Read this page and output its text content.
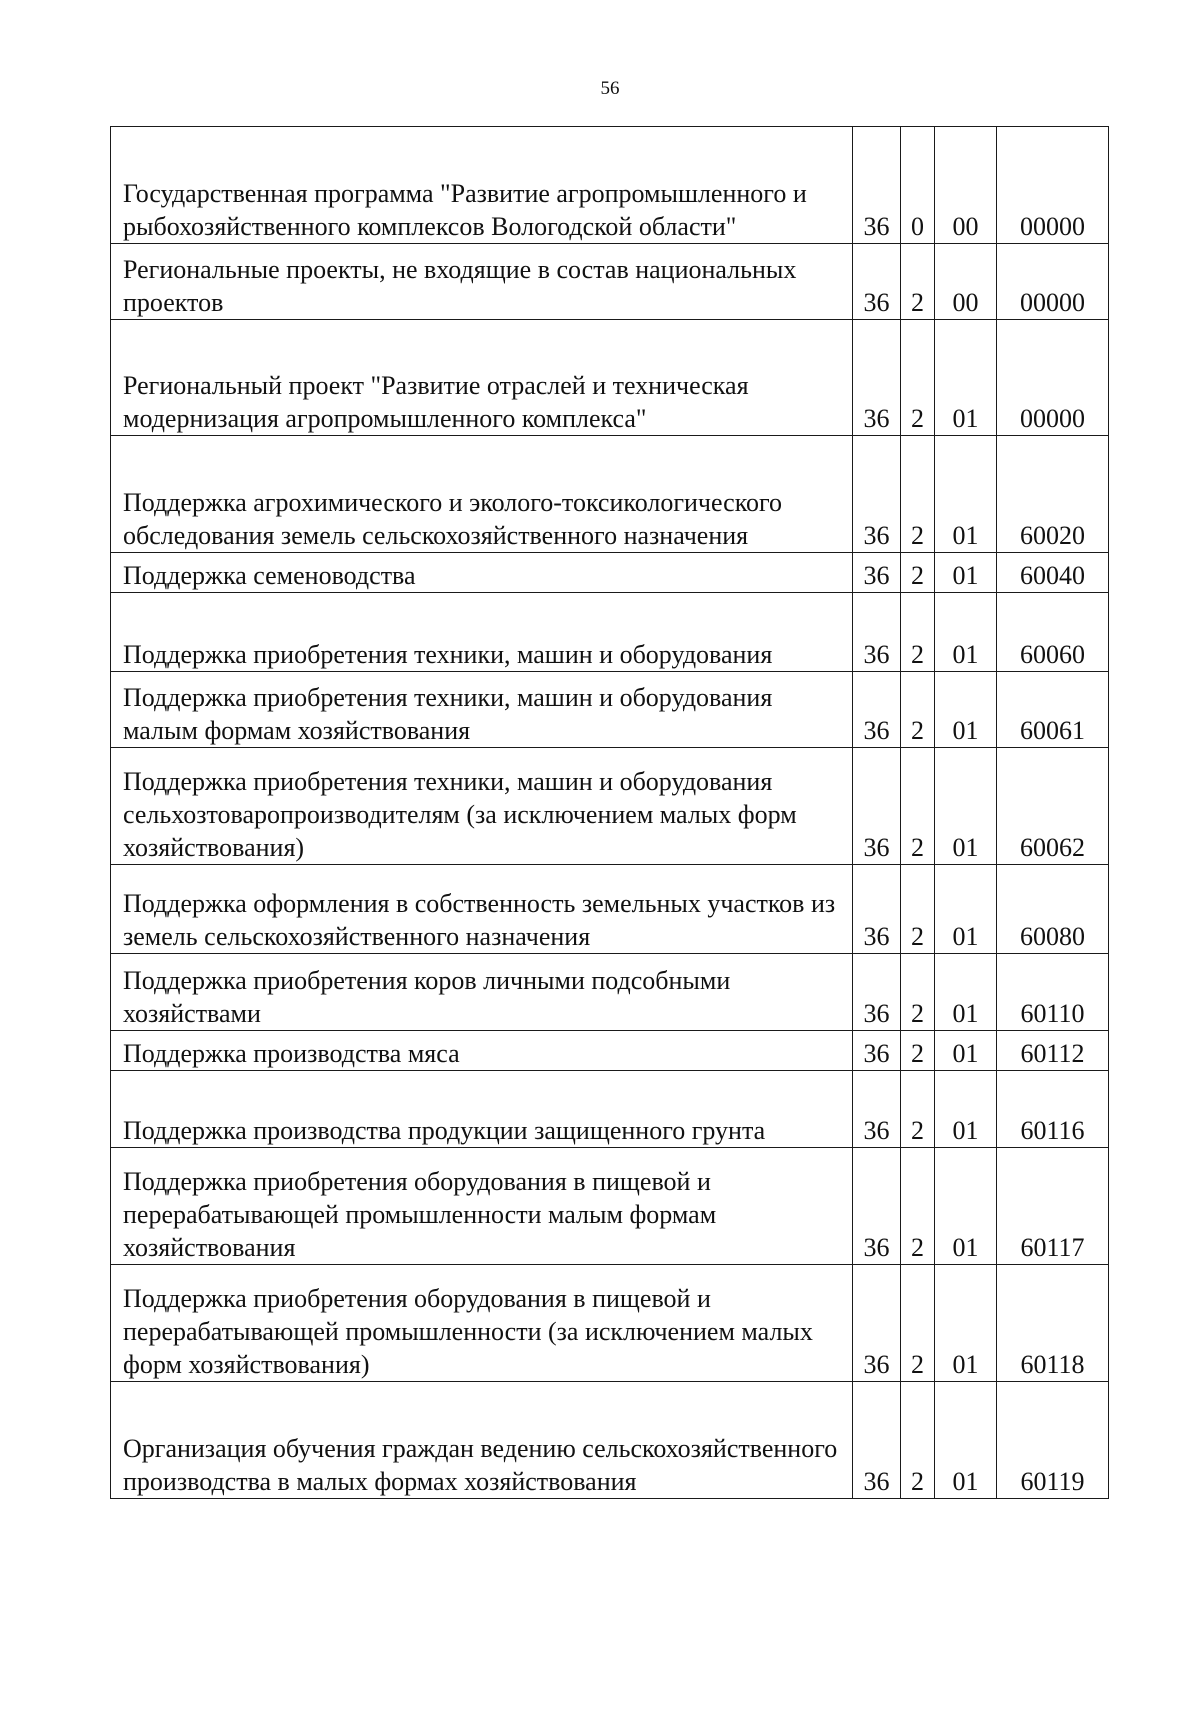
56
Государственная программа "Развитие агропромышленного и рыбохозяйственного комплексов Вологодской области"	36	0	00	00000
Региональные проекты, не входящие в состав национальных проектов	36	2	00	00000
Региональный проект "Развитие отраслей и техническая модернизация агропромышленного комплекса"	36	2	01	00000
Поддержка агрохимического и эколого-токсикологического обследования земель сельскохозяйственного назначения	36	2	01	60020
Поддержка семеноводства	36	2	01	60040
Поддержка приобретения техники, машин и оборудования	36	2	01	60060
Поддержка приобретения техники, машин и оборудования малым формам хозяйствования	36	2	01	60061
Поддержка приобретения техники, машин и оборудования сельхозтоваропроизводителям (за исключением малых форм хозяйствования)	36	2	01	60062
Поддержка оформления в собственность земельных участков из земель сельскохозяйственного назначения	36	2	01	60080
Поддержка приобретения коров личными подсобными хозяйствами	36	2	01	60110
Поддержка производства мяса	36	2	01	60112
Поддержка производства продукции защищенного грунта	36	2	01	60116
Поддержка приобретения оборудования в пищевой и перерабатывающей промышленности малым формам хозяйствования	36	2	01	60117
Поддержка приобретения оборудования в пищевой и перерабатывающей промышленности (за исключением малых форм хозяйствования)	36	2	01	60118
Организация обучения граждан ведению сельскохозяйственного производства в малых формах хозяйствования	36	2	01	60119
